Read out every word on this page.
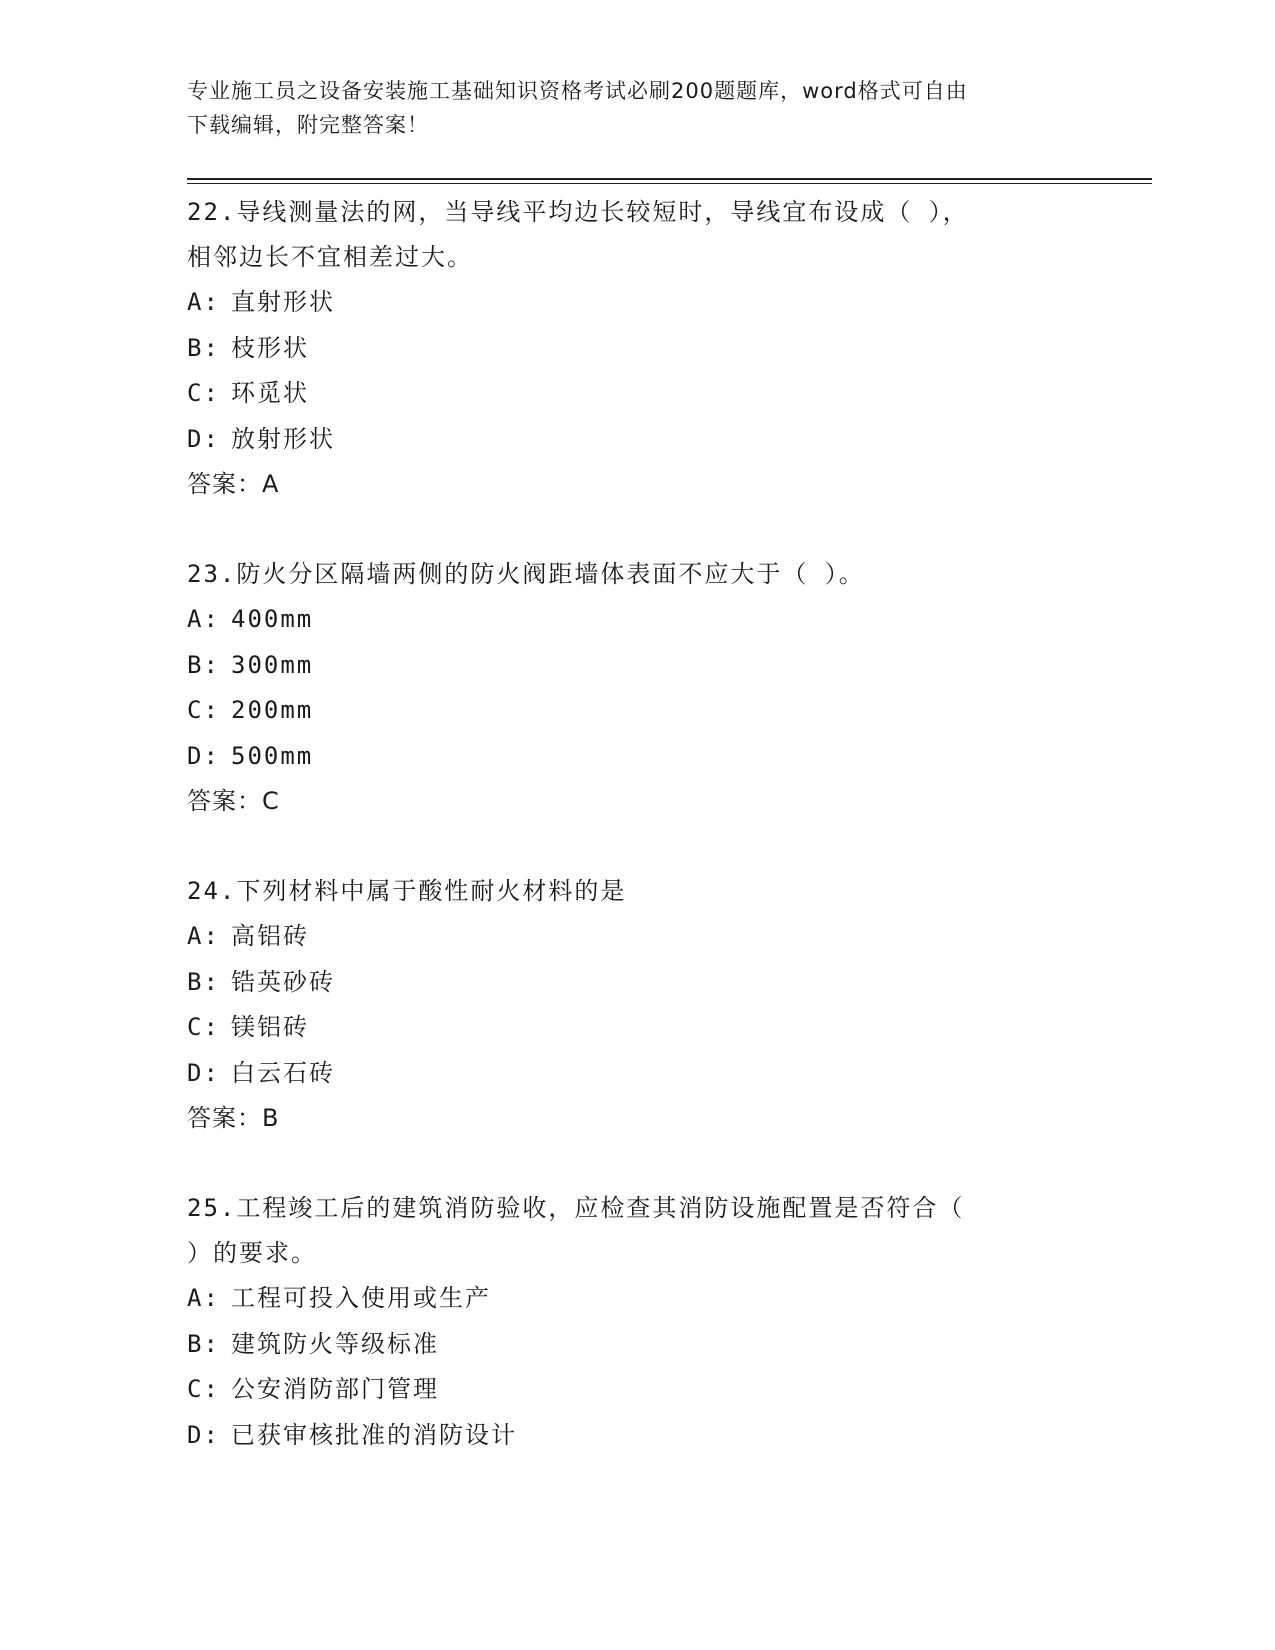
专业施工员之设备安装施工基础知识资格考试必刷200题题库，word格式可自由
下载编辑，附完整答案！
22.导线测量法的网，当导线平均边长较短时，导线宜布设成（ ），
相邻边长不宜相差过大。
A: 直射形状
B: 枝形状
C: 环觅状
D: 放射形状
答案：A
23.防火分区隔墙两侧的防火阀距墙体表面不应大于（ ）。
A: 400mm
B: 300mm
C: 200mm
D: 500mm
答案：C
24.下列材料中属于酸性耐火材料的是
A: 高铝砖
B: 锆英砂砖
C: 镁铝砖
D: 白云石砖
答案：B
25.工程竣工后的建筑消防验收，应检查其消防设施配置是否符合（
）的要求。
A: 工程可投入使用或生产
B: 建筑防火等级标准
C: 公安消防部门管理
D: 已获审核批准的消防设计
